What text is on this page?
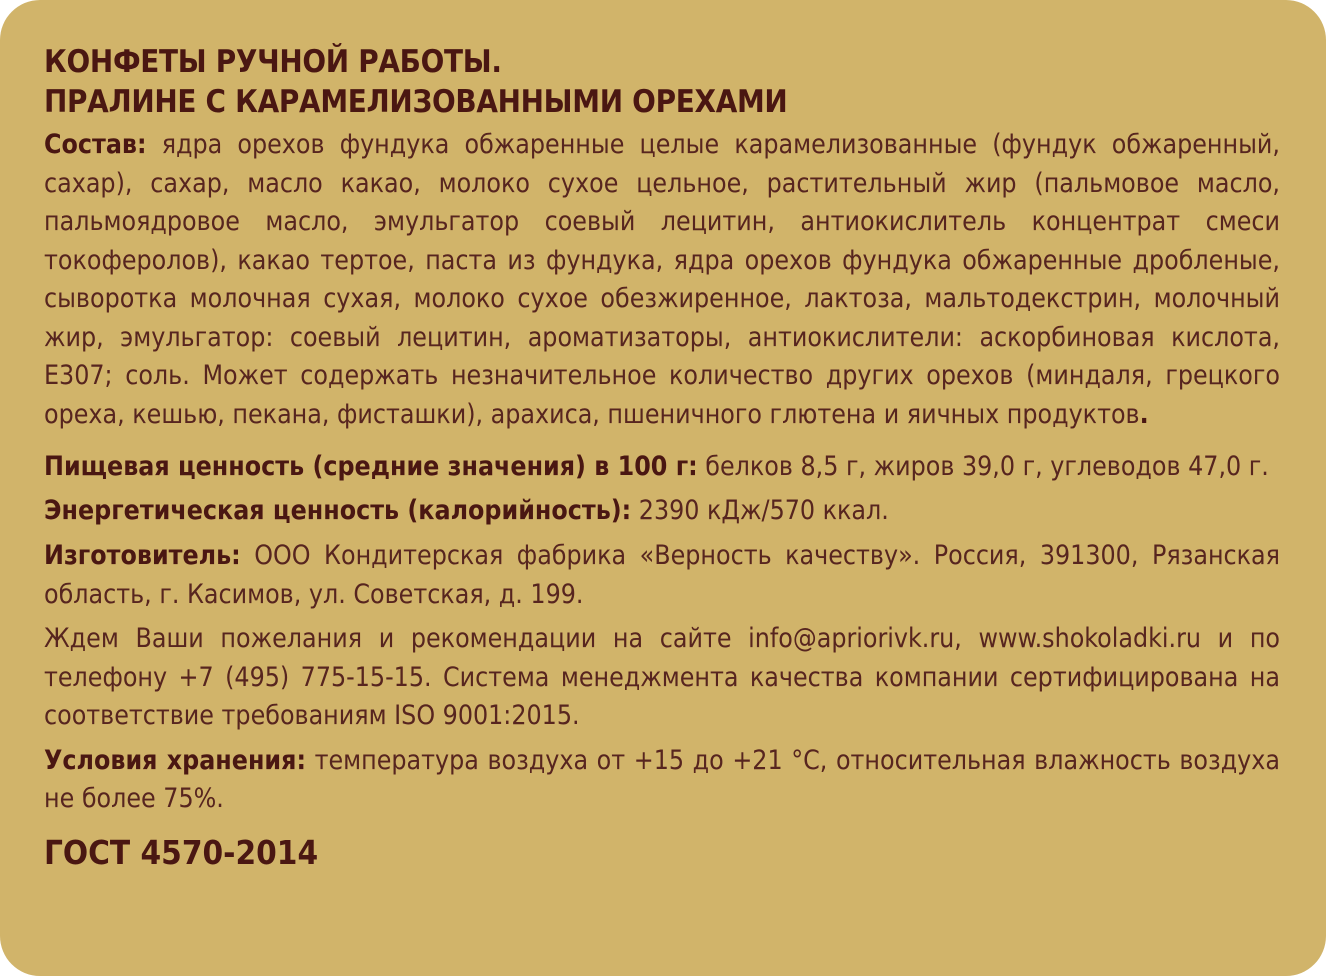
КОНФЕТЫ РУЧНОЙ РАБОТЫ.
ПРАЛИНЕ С КАРАМЕЛИЗОВАННЫМИ ОРЕХАМИ

Состав: ядра орехов фундука обжаренные целые карамелизованные (фундук обжаренный, сахар), сахар, масло какао, молоко сухое цельное, растительный жир (пальмовое масло, пальмоядровое масло, эмульгатор соевый лецитин, антиокислитель концентрат смеси токоферолов), какао тертое, паста из фундука, ядра орехов фундука обжаренные дробленые, сыворотка молочная сухая, молоко сухое обезжиренное, лактоза, мальтодекстрин, молочный жир, эмульгатор: соевый лецитин, ароматизаторы, антиокислители: аскорбиновая кислота, Е307; соль. Может содержать незначительное количество других орехов (миндаля, грецкого ореха, кешью, пекана, фисташки), арахиса, пшеничного глютена и яичных продуктов.

Пищевая ценность (средние значения) в 100 г: белков 8,5 г, жиров 39,0 г, углеводов 47,0 г.

Энергетическая ценность (калорийность): 2390 кДж/570 ккал.

Изготовитель: ООО Кондитерская фабрика «Верность качеству». Россия, 391300, Рязанская область, г. Касимов, ул. Советская, д. 199.

Ждем Ваши пожелания и рекомендации на сайте info@apriorivk.ru, www.shokoladki.ru и по телефону +7 (495) 775-15-15. Система менеджмента качества компании сертифицирована на соответствие требованиям ISO 9001:2015.

Условия хранения: температура воздуха от +15 до +21 °С, относительная влажность воздуха не более 75%.

ГОСТ 4570-2014
